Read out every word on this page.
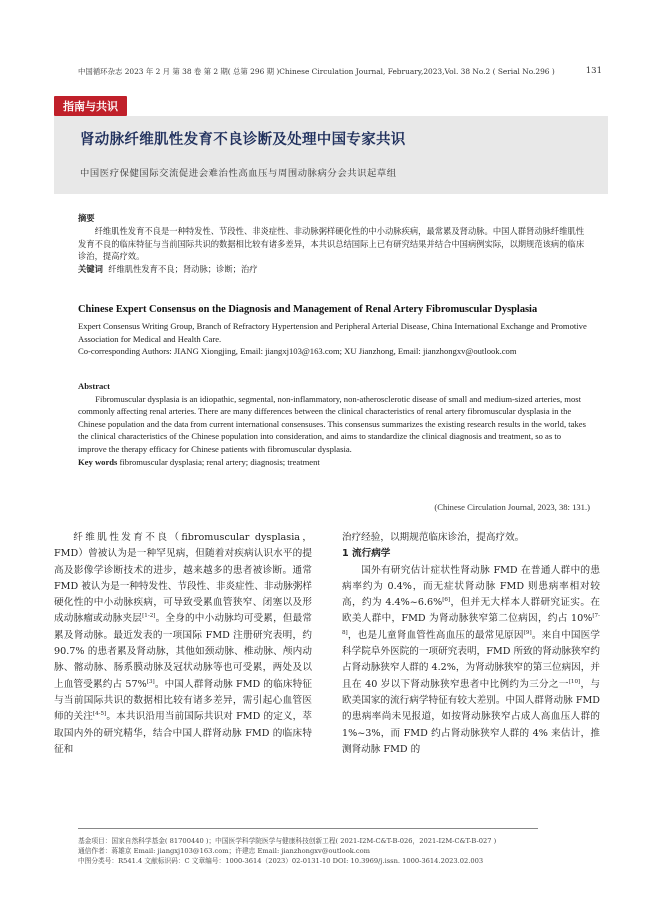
中国循环杂志 2023 年 2 月 第 38 卷 第 2 期( 总第 296 期 )Chinese Circulation Journal, February,2023,Vol. 38 No.2 ( Serial No.296 )	131
指南与共识
肾动脉纤维肌性发育不良诊断及处理中国专家共识
中国医疗保健国际交流促进会难治性高血压与周围动脉病分会共识起草组
摘要
纤维肌性发育不良是一种特发性、节段性、非炎症性、非动脉粥样硬化性的中小动脉疾病，最常累及肾动脉。中国人群肾动脉纤维肌性发育不良的临床特征与当前国际共识的数据相比较有诸多差异，本共识总结国际上已有研究结果并结合中国病例实际，以期规范该病的临床诊治，提高疗效。
关键词 纤维肌性发育不良；肾动脉；诊断；治疗
Chinese Expert Consensus on the Diagnosis and Management of Renal Artery Fibromuscular Dysplasia
Expert Consensus Writing Group, Branch of Refractory Hypertension and Peripheral Arterial Disease, China International Exchange and Promotive Association for Medical and Health Care.
Co-corresponding Authors: JIANG Xiongjing, Email: jiangxj103@163.com; XU Jianzhong, Email: jianzhongxv@outlook.com
Abstract
Fibromuscular dysplasia is an idiopathic, segmental, non-inflammatory, non-atherosclerotic disease of small and medium-sized arteries, most commonly affecting renal arteries. There are many differences between the clinical characteristics of renal artery fibromuscular dysplasia in the Chinese population and the data from current international consensuses. This consensus summarizes the existing research results in the world, takes the clinical characteristics of the Chinese population into consideration, and aims to standardize the clinical diagnosis and treatment, so as to improve the therapy efficacy for Chinese patients with fibromuscular dysplasia.
Key words fibromuscular dysplasia; renal artery; diagnosis; treatment
(Chinese Circulation Journal, 2023, 38: 131.)

纤维肌性发育不良（fibromuscular dysplasia，FMD）曾被认为是一种罕见病，但随着对疾病认识水平的提高及影像学诊断技术的进步，越来越多的患者被诊断。通常 FMD 被认为是一种特发性、节段性、非炎症性、非动脉粥样硬化性的中小动脉疾病，可导致受累血管狭窄、闭塞以及形成动脉瘤或动脉夹层[1-2]。全身的中小动脉均可受累，但最常累及肾动脉。最近发表的一项国际 FMD 注册研究表明，约 90.7% 的患者累及肾动脉，其他如颈动脉、椎动脉、颅内动脉、髂动脉、肠系膜动脉及冠状动脉等也可受累，两处及以上血管受累约占 57%[3]。中国人群肾动脉 FMD 的临床特征与当前国际共识的数据相比较有诸多差异，需引起心血管医师的关注[4-5]。本共识沿用当前国际共识对 FMD 的定义，萃取国内外的研究精华，结合中国人群肾动脉 FMD 的临床特征和

治疗经验，以期规范临床诊治，提高疗效。

1 流行病学

国外有研究估计症状性肾动脉 FMD 在普通人群中的患病率约为 0.4%，而无症状肾动脉 FMD 则患病率相对较高，约为 4.4%~6.6%[6]，但并无大样本人群研究证实。在欧美人群中，FMD 为肾动脉狭窄第二位病因，约占 10%[7-8]，也是儿童肾血管性高血压的最常见原因[9]。来自中国医学科学院阜外医院的一项研究表明，FMD 所致的肾动脉狭窄约占肾动脉狭窄人群的 4.2%，为肾动脉狭窄的第三位病因，并且在 40 岁以下肾动脉狭窄患者中比例约为三分之一[10]，与欧美国家的流行病学特征有较大差别。中国人群肾动脉 FMD 的患病率尚未见报道，如按肾动脉狭窄占成人高血压人群的 1%~3%，而 FMD 约占肾动脉狭窄人群的 4% 来估计，推测肾动脉 FMD 的

基金项目：国家自然科学基金( 81700440 )；中国医学科学院医学与健康科技创新工程( 2021-I2M-C&T-B-026，2021-I2M-C&T-B-027 )
通信作者：蒋雄京 Email: jiangxj103@163.com；许建忠 Email: jianzhongxv@outlook.com
中图分类号：R541.4 文献标识码：C 文章编号：1000-3614（2023）02-0131-10 DOI: 10.3969/j.issn. 1000-3614.2023.02.003
